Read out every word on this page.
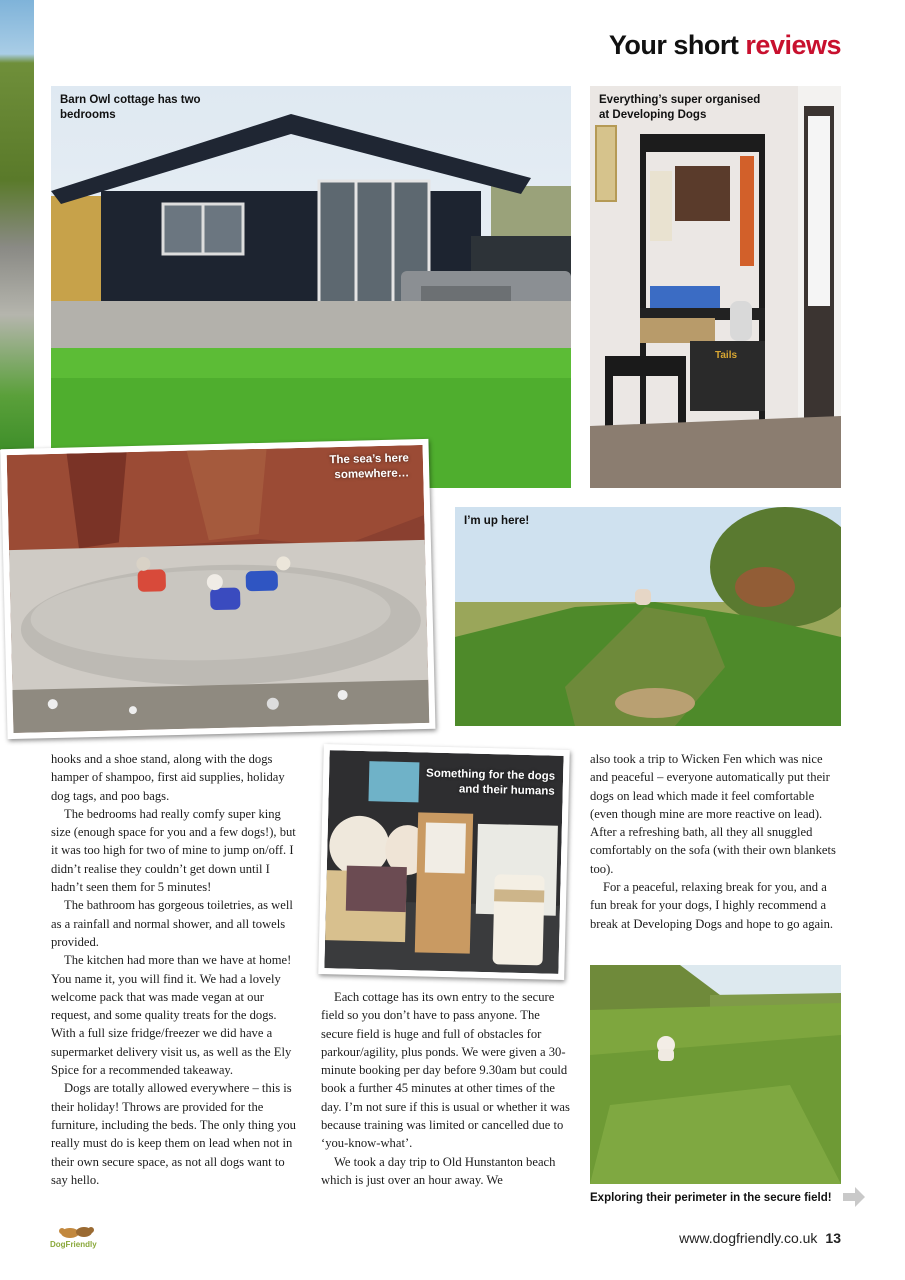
Your short reviews
Barn Owl cottage has two bedrooms
Tails
Everything’s super organised at Developing Dogs
I’m up here!
The sea’s here somewhere…
Something for the dogs and their humans
Exploring their perimeter in the secure field!

hooks and a shoe stand, along with the dogs hamper of shampoo, first aid supplies, holiday dog tags, and poo bags.

The bedrooms had really comfy super king size (enough space for you and a few dogs!), but it was too high for two of mine to jump on/off. I didn’t realise they couldn’t get down until I hadn’t seen them for 5 minutes!

The bathroom has gorgeous toiletries, as well as a rainfall and normal shower, and all towels provided.

The kitchen had more than we have at home! You name it, you will find it. We had a lovely welcome pack that was made vegan at our request, and some quality treats for the dogs. With a full size fridge/freezer we did have a supermarket delivery visit us, as well as the Ely Spice for a recommended takeaway.

Dogs are totally allowed everywhere – this is their holiday! Throws are provided for the furniture, including the beds. The only thing you really must do is keep them on lead when not in their own secure space, as not all dogs want to say hello.

Each cottage has its own entry to the secure field so you don’t have to pass anyone. The secure field is huge and full of obstacles for parkour/agility, plus ponds. We were given a 30-minute booking per day before 9.30am but could book a further 45 minutes at other times of the day. I’m not sure if this is usual or whether it was because training was limited or cancelled due to ‘you-know-what’.

We took a day trip to Old Hunstanton beach which is just over an hour away. We

also took a trip to Wicken Fen which was nice and peaceful – everyone automatically put their dogs on lead which made it feel comfortable (even though mine are more reactive on lead). After a refreshing bath, all they all snuggled comfortably on the sofa (with their own blankets too).

For a peaceful, relaxing break for you, and a fun break for your dogs, I highly recommend a break at Developing Dogs and hope to go again.

DogFriendly	www.dogfriendly.co.uk 13
